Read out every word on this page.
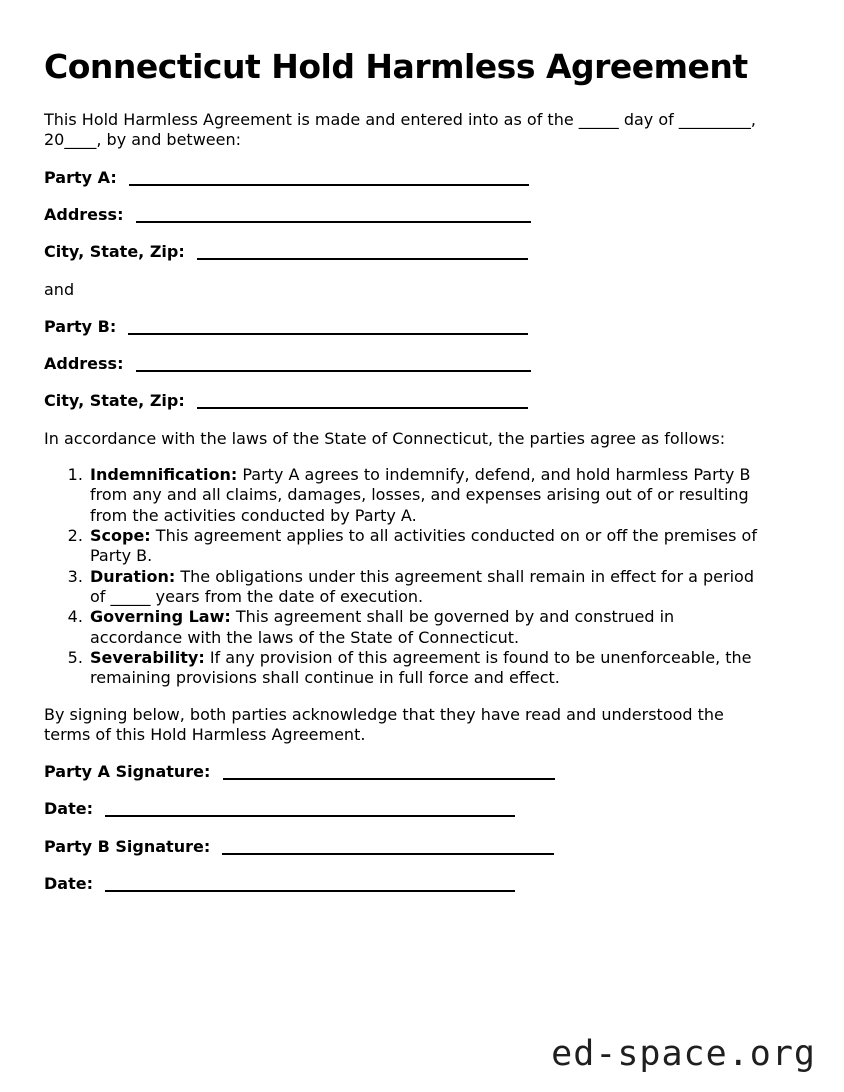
Connecticut Hold Harmless Agreement

This Hold Harmless Agreement is made and entered into as of the _____ day of _________, 20____, by and between:

Party A:

Address:

City, State, Zip:

and

Party B:

Address:

City, State, Zip:

In accordance with the laws of the State of Connecticut, the parties agree as follows:

1. Indemnification: Party A agrees to indemnify, defend, and hold harmless Party B from any and all claims, damages, losses, and expenses arising out of or resulting from the activities conducted by Party A.
2. Scope: This agreement applies to all activities conducted on or off the premises of Party B.
3. Duration: The obligations under this agreement shall remain in effect for a period of _____ years from the date of execution.
4. Governing Law: This agreement shall be governed by and construed in accordance with the laws of the State of Connecticut.
5. Severability: If any provision of this agreement is found to be unenforceable, the remaining provisions shall continue in full force and effect.

By signing below, both parties acknowledge that they have read and understood the terms of this Hold Harmless Agreement.

Party A Signature:

Date:

Party B Signature:

Date:

ed-space.org
